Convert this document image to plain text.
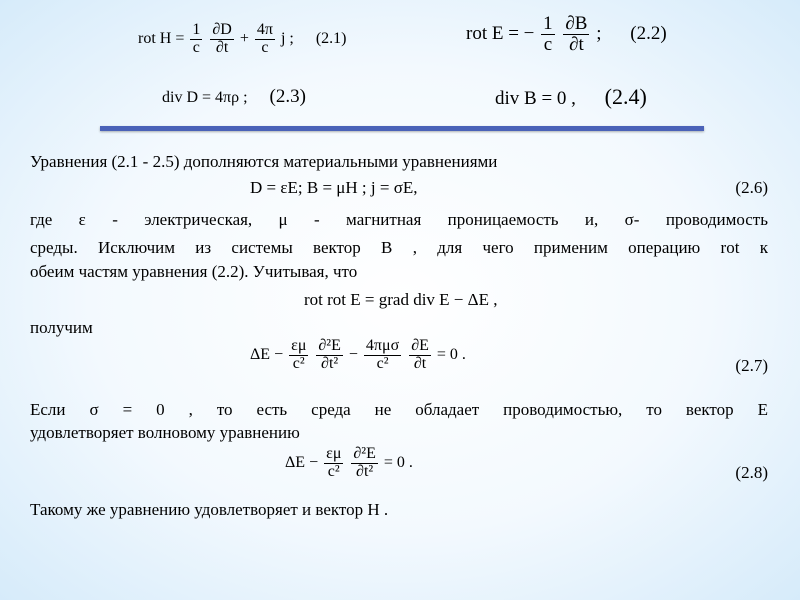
rot $H = \frac{1}{c}$
$\frac{\partial D}{\partial t} + \frac{4\pi}{c}$ j ; (2.1)	rot E = − $\frac{1}{c}$
$\frac{\partial B}{\partial t}$ ; (2.2)
div D = 4πρ ; (2.3)	div B = 0 , (2.4)
Уравнения (2.1 - 2.5) дополняются материальными уравнениями
D = εE; B = μH ; j = σE,	(2.6)
где ε - электрическая, μ - магнитная проницаемость и, σ- проводимость
среды. Исключим из системы вектор B , для чего применим операцию rot к
обеим частям уравнения (2.2). Учитывая, что
rot rot E = grad div E − ΔE ,
получим
$\Delta E - \frac{\varepsilon\mu}{\text{c²}}$
$\frac{\text{∂²E}}{\text{∂t²}} - \frac{\text{4πμσ}}{\text{c²}}$
$\frac{\partial E}{\partial t} = 0$ .
(2.7)
Если σ = 0 , то есть среда не обладает проводимостью, то вектор E
удовлетворяет волновому уравнению
$\Delta E - \frac{\varepsilon\mu}{\text{c²}}$
$\frac{\text{∂²E}}{\text{∂t²}} = 0$ .
(2.8)
Такому же уравнению удовлетворяет и вектор H .
